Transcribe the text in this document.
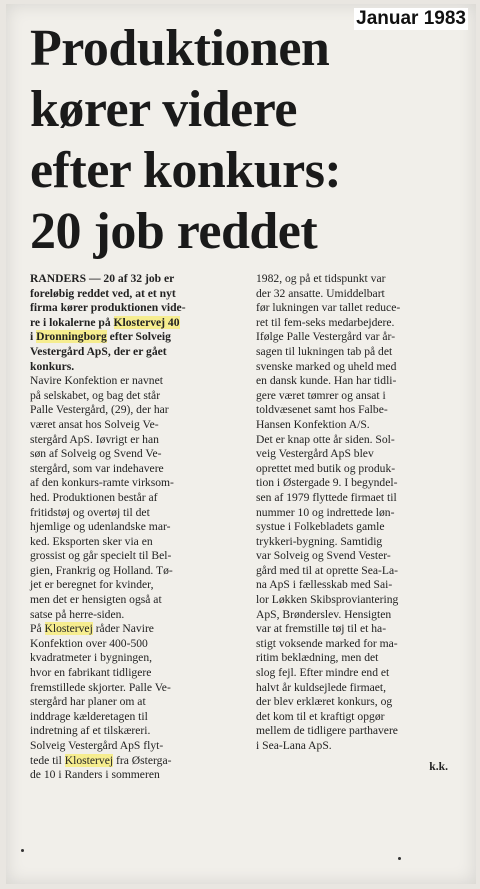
Januar 1983
Produktionen
kører videre
efter konkurs:
20 job reddet
RANDERS — 20 af 32 job er
foreløbig reddet ved, at et nyt
firma kører produktionen vide-
re i lokalerne på Klostervej 40
i Dronningborg efter Solveig
Vestergård ApS, der er gået
konkurs.
Navire Konfektion er navnet
på selskabet, og bag det står
Palle Vestergård, (29), der har
været ansat hos Solveig Ve-
stergård ApS. Iøvrigt er han
søn af Solveig og Svend Ve-
stergård, som var indehavere
af den konkurs-ramte virksom-
hed. Produktionen består af
fritidstøj og overtøj til det
hjemlige og udenlandske mar-
ked. Eksporten sker via en
grossist og går specielt til Bel-
gien, Frankrig og Holland. Tø-
jet er beregnet for kvinder,
men det er hensigten også at
satse på herre-siden.
På Klostervej råder Navire
Konfektion over 400-500
kvadratmeter i bygningen,
hvor en fabrikant tidligere
fremstillede skjorter. Palle Ve-
stergård har planer om at
inddrage kælderetagen til
indretning af et tilskæreri.
Solveig Vestergård ApS flyt-
tede til Klostervej fra Østerga-
de 10 i Randers i sommeren
1982, og på et tidspunkt var
der 32 ansatte. Umiddelbart
før lukningen var tallet reduce-
ret til fem-seks medarbejdere.
Ifølge Palle Vestergård var år-
sagen til lukningen tab på det
svenske marked og uheld med
en dansk kunde. Han har tidli-
gere været tømrer og ansat i
toldvæsenet samt hos Falbe-
Hansen Konfektion A/S.
Det er knap otte år siden. Sol-
veig Vestergård ApS blev
oprettet med butik og produk-
tion i Østergade 9. I begyndel-
sen af 1979 flyttede firmaet til
nummer 10 og indrettede løn-
systue i Folkebladets gamle
trykkeri-bygning. Samtidig
var Solveig og Svend Vester-
gård med til at oprette Sea-La-
na ApS i fællesskab med Sai-
lor Løkken Skibsproviantering
ApS, Brønderslev. Hensigten
var at fremstille tøj til et ha-
stigt voksende marked for ma-
ritim beklædning, men det
slog fejl. Efter mindre end et
halvt år kuldsejlede firmaet,
der blev erklæret konkurs, og
det kom til et kraftigt opgør
mellem de tidligere parthavere
i Sea-Lana ApS.
k.k.
